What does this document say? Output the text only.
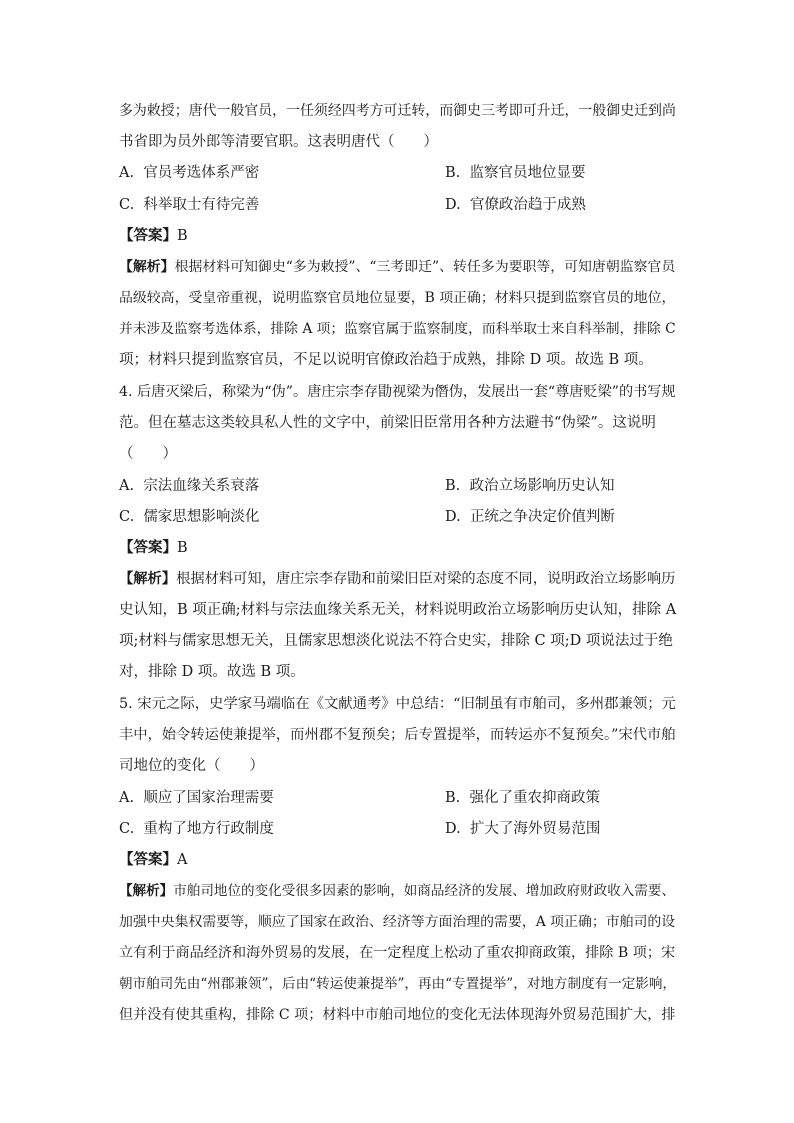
多为敕授；唐代一般官员，一任须经四考方可迁转，而御史三考即可升迁，一般御史迁到尚
书省即为员外郎等清要官职。这表明唐代（　　）
A. 官员考选体系严密	B. 监察官员地位显要
C. 科举取士有待完善	D. 官僚政治趋于成熟
【答案】B
【解析】根据材料可知御史“多为敕授”、“三考即迁”、转任多为要职等，可知唐朝监察官员
品级较高，受皇帝重视，说明监察官员地位显要，B 项正确；材料只提到监察官员的地位，
并未涉及监察考选体系，排除 A 项；监察官属于监察制度，而科举取士来自科举制，排除 C
项；材料只提到监察官员，不足以说明官僚政治趋于成熟，排除 D 项。故选 B 项。
4. 后唐灭梁后，称梁为“伪”。唐庄宗李存勖视梁为僭伪，发展出一套“尊唐贬梁”的书写规
范。但在墓志这类较具私人性的文字中，前梁旧臣常用各种方法避书“伪梁”。这说明
（　　）
A. 宗法血缘关系衰落	B. 政治立场影响历史认知
C. 儒家思想影响淡化	D. 正统之争决定价值判断
【答案】B
【解析】根据材料可知，唐庄宗李存勖和前梁旧臣对梁的态度不同，说明政治立场影响历
史认知，B 项正确;材料与宗法血缘关系无关，材料说明政治立场影响历史认知，排除 A
项;材料与儒家思想无关，且儒家思想淡化说法不符合史实，排除 C 项;D 项说法过于绝
对，排除 D 项。故选 B 项。
5. 宋元之际，史学家马端临在《文献通考》中总结：“旧制虽有市舶司，多州郡兼领；元
丰中，始令转运使兼提举，而州郡不复预矣；后专置提举，而转运亦不复预矣。”宋代市舶
司地位的变化（　　）
A. 顺应了国家治理需要	B. 强化了重农抑商政策
C. 重构了地方行政制度	D. 扩大了海外贸易范围
【答案】A
【解析】市舶司地位的变化受很多因素的影响，如商品经济的发展、增加政府财政收入需要、
加强中央集权需要等，顺应了国家在政治、经济等方面治理的需要，A 项正确；市舶司的设
立有利于商品经济和海外贸易的发展，在一定程度上松动了重农抑商政策，排除 B 项；宋
朝市舶司先由“州郡兼领”，后由“转运使兼提举”，再由“专置提举”，对地方制度有一定影响，
但并没有使其重构，排除 C 项；材料中市舶司地位的变化无法体现海外贸易范围扩大，排
